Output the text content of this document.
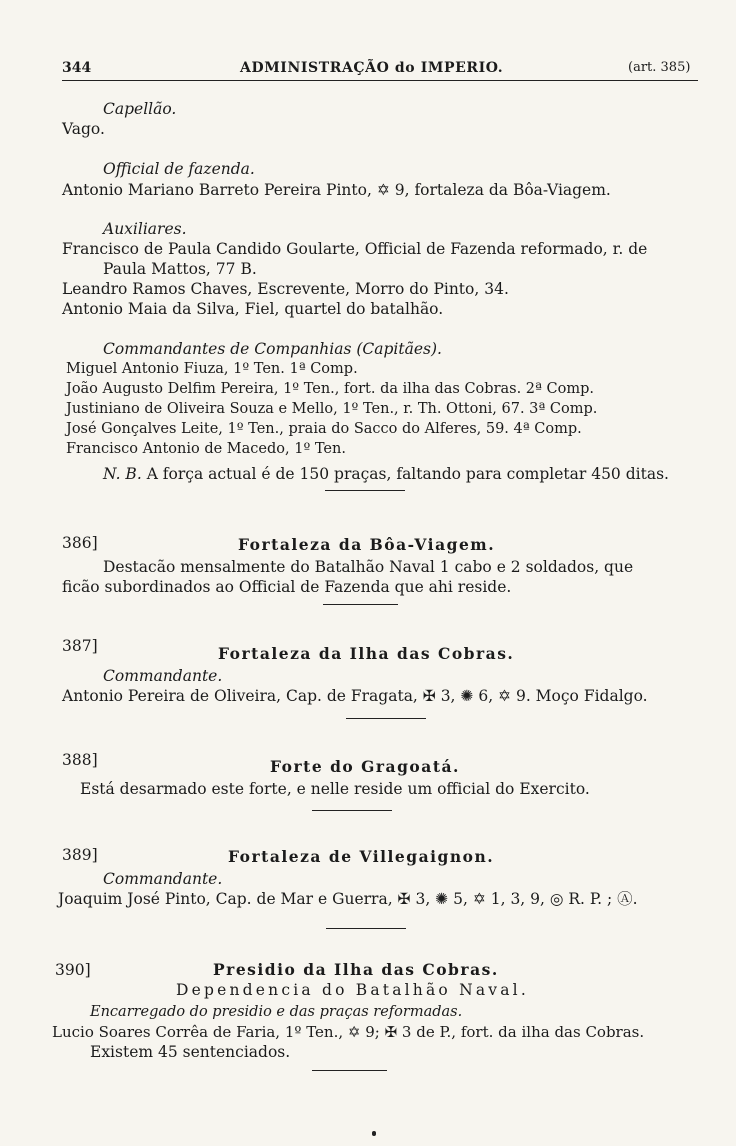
344	ADMINISTRAÇÃO do IMPERIO.	(art. 385)
Capellão.
Vago.
Official de fazenda.
Antonio Mariano Barreto Pereira Pinto, ✡ 9, fortaleza da Bôa-Viagem.
Auxiliares.
Francisco de Paula Candido Goularte, Official de Fazenda reformado, r. de
Paula Mattos, 77 B.
Leandro Ramos Chaves, Escrevente, Morro do Pinto, 34.
Antonio Maia da Silva, Fiel, quartel do batalhão.
Commandantes de Companhias (Capitães).
Miguel Antonio Fiuza, 1º Ten. 1ª Comp.
João Augusto Delfim Pereira, 1º Ten., fort. da ilha das Cobras. 2ª Comp.
Justiniano de Oliveira Souza e Mello, 1º Ten., r. Th. Ottoni, 67. 3ª Comp.
José Gonçalves Leite, 1º Ten., praia do Sacco do Alferes, 59. 4ª Comp.
Francisco Antonio de Macedo, 1º Ten.
N. B. A força actual é de 150 praças, faltando para completar 450 ditas.
386]	Fortaleza da Bôa-Viagem.
Destacão mensalmente do Batalhão Naval 1 cabo e 2 soldados, que
ficão subordinados ao Official de Fazenda que ahi reside.
387]	Fortaleza da Ilha das Cobras.
Commandante.
Antonio Pereira de Oliveira, Cap. de Fragata, ✠ 3, ✺ 6, ✡ 9. Moço Fidalgo.
388]	Forte do Gragoatá.
Está desarmado este forte, e nelle reside um official do Exercito.
389]	Fortaleza de Villegaignon.
Commandante.
Joaquim José Pinto, Cap. de Mar e Guerra, ✠ 3, ✺ 5, ✡ 1, 3, 9, ◎ R. P. ; Ⓐ.
390]	Presidio da Ilha das Cobras.
Dependencia do Batalhão Naval.
Encarregado do presidio e das praças reformadas.
Lucio Soares Corrêa de Faria, 1º Ten., ✡ 9; ✠ 3 de P., fort. da ilha das Cobras.
Existem 45 sentenciados.
